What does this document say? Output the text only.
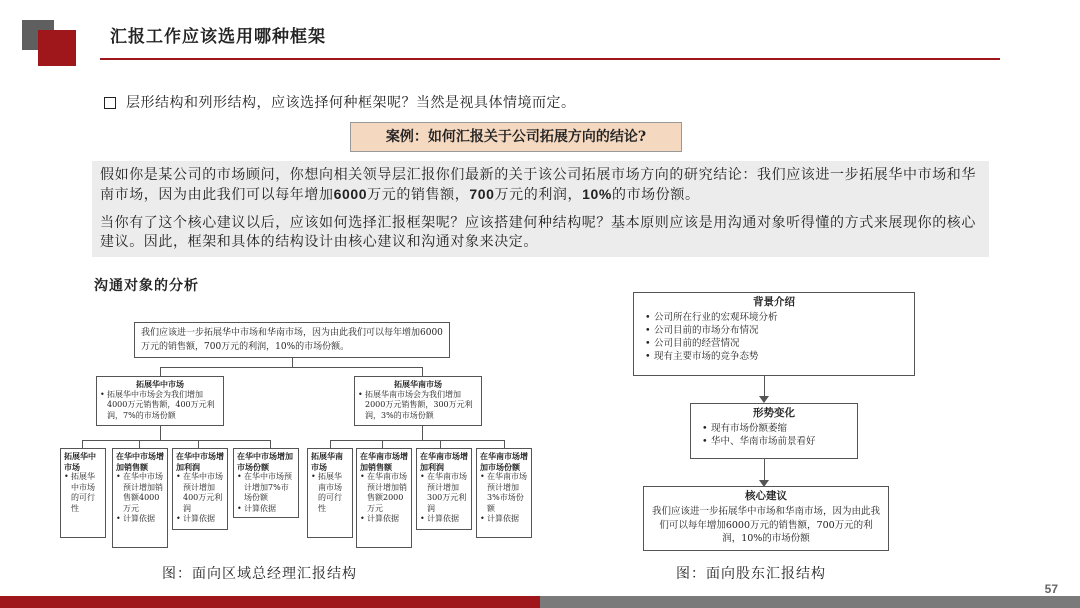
汇报工作应该选用哪种框架
层形结构和列形结构，应该选择何种框架呢？当然是视具体情境而定。
案例：如何汇报关于公司拓展方向的结论?
假如你是某公司的市场顾问，你想向相关领导层汇报你们最新的关于该公司拓展市场方向的研究结论：我们应该进一步拓展华中市场和华南市场，因为由此我们可以每年增加6000万元的销售额，700万元的利润，10%的市场份额。
当你有了这个核心建议以后，应该如何选择汇报框架呢？应该搭建何种结构呢？基本原则应该是用沟通对象听得懂的方式来展现你的核心建议。因此，框架和具体的结构设计由核心建议和沟通对象来决定。
沟通对象的分析
我们应该进一步拓展华中市场和华南市场，因为由此我们可以每年增加6000万元的销售额，700万元的利润，10%的市场份额。
拓展华中市场
• 拓展华中市场会为我们增加4000万元销售额，400万元利润，7%的市场份额
拓展华南市场
• 拓展华南市场会为我们增加2000万元销售额，300万元利润，3%的市场份额
拓展华中市场
• 拓展华中市场的可行性
在华中市场增加销售额
• 在华中市场预计增加销售额4000万元
• 计算依据
在华中市场增加利润
• 在华中市场预计增加400万元利润
• 计算依据
在华中市场增加市场份额
• 在华中市场预计增加7%市场份额
• 计算依据
拓展华南市场
• 拓展华南市场的可行性
在华南市场增加销售额
• 在华南市场预计增加销售额2000万元
• 计算依据
在华南市场增加利润
• 在华南市场预计增加300万元利润
• 计算依据
在华南市场增加市场份额
• 在华南市场预计增加3%市场份额
• 计算依据
图：面向区域总经理汇报结构
背景介绍
• 公司所在行业的宏观环境分析
• 公司目前的市场分布情况
• 公司目前的经营情况
• 现有主要市场的竞争态势
形势变化
• 现有市场份额萎缩
• 华中、华南市场前景看好
核心建议
我们应该进一步拓展华中市场和华南市场，因为由此我们可以每年增加6000万元的销售额，700万元的利润，10%的市场份额
图：面向股东汇报结构
57
